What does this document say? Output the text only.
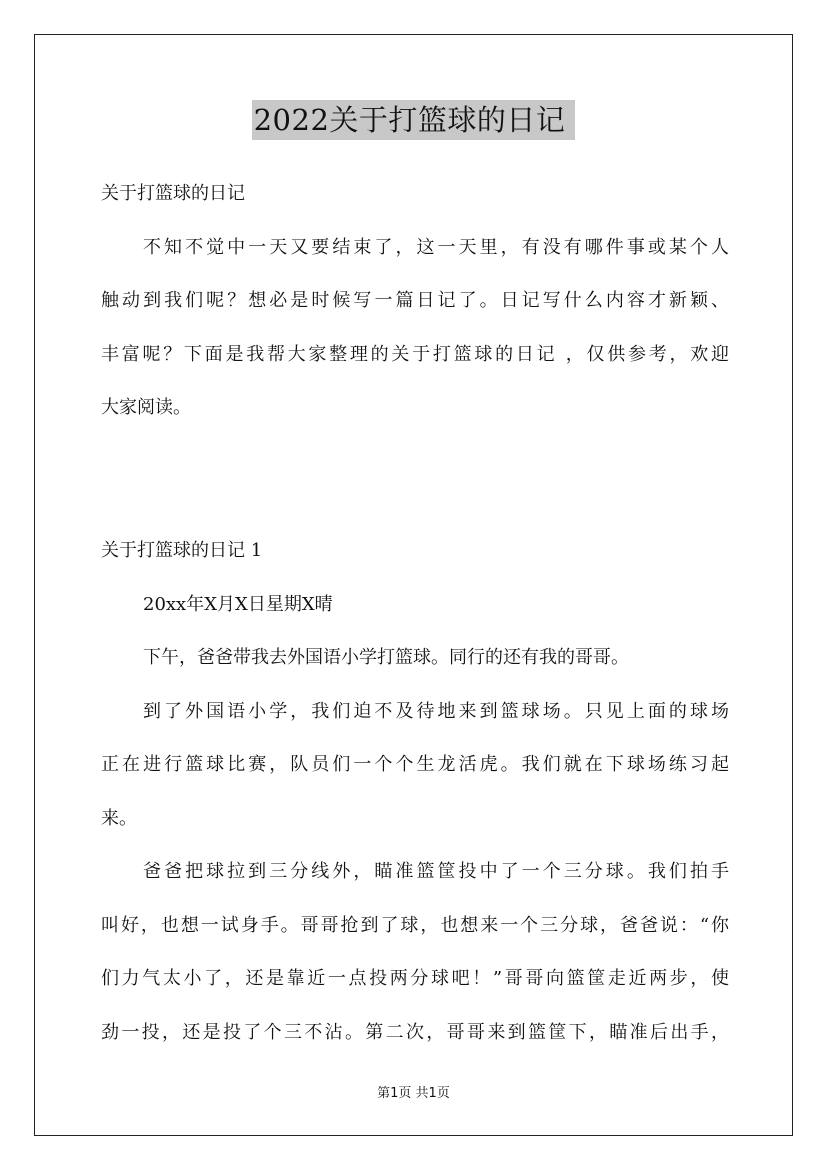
2022关于打篮球的日记

关于打篮球的日记

不知不觉中一天又要结束了，这一天里，有没有哪件事或某个人

触动到我们呢？想必是时候写一篇日记了。日记写什么内容才新颖、

丰富呢？下面是我帮大家整理的关于打篮球的日记 ，仅供参考，欢迎

大家阅读。

关于打篮球的日记 1

20xx年X月X日星期X晴

下午，爸爸带我去外国语小学打篮球。同行的还有我的哥哥。

到了外国语小学，我们迫不及待地来到篮球场。只见上面的球场

正在进行篮球比赛，队员们一个个生龙活虎。我们就在下球场练习起

来。

爸爸把球拉到三分线外，瞄准篮筐投中了一个三分球。我们拍手

叫好，也想一试身手。哥哥抢到了球，也想来一个三分球，爸爸说：“你

们力气太小了，还是靠近一点投两分球吧！”哥哥向篮筐走近两步，使

劲一投，还是投了个三不沾。第二次，哥哥来到篮筐下，瞄准后出手，

第1页 共1页
